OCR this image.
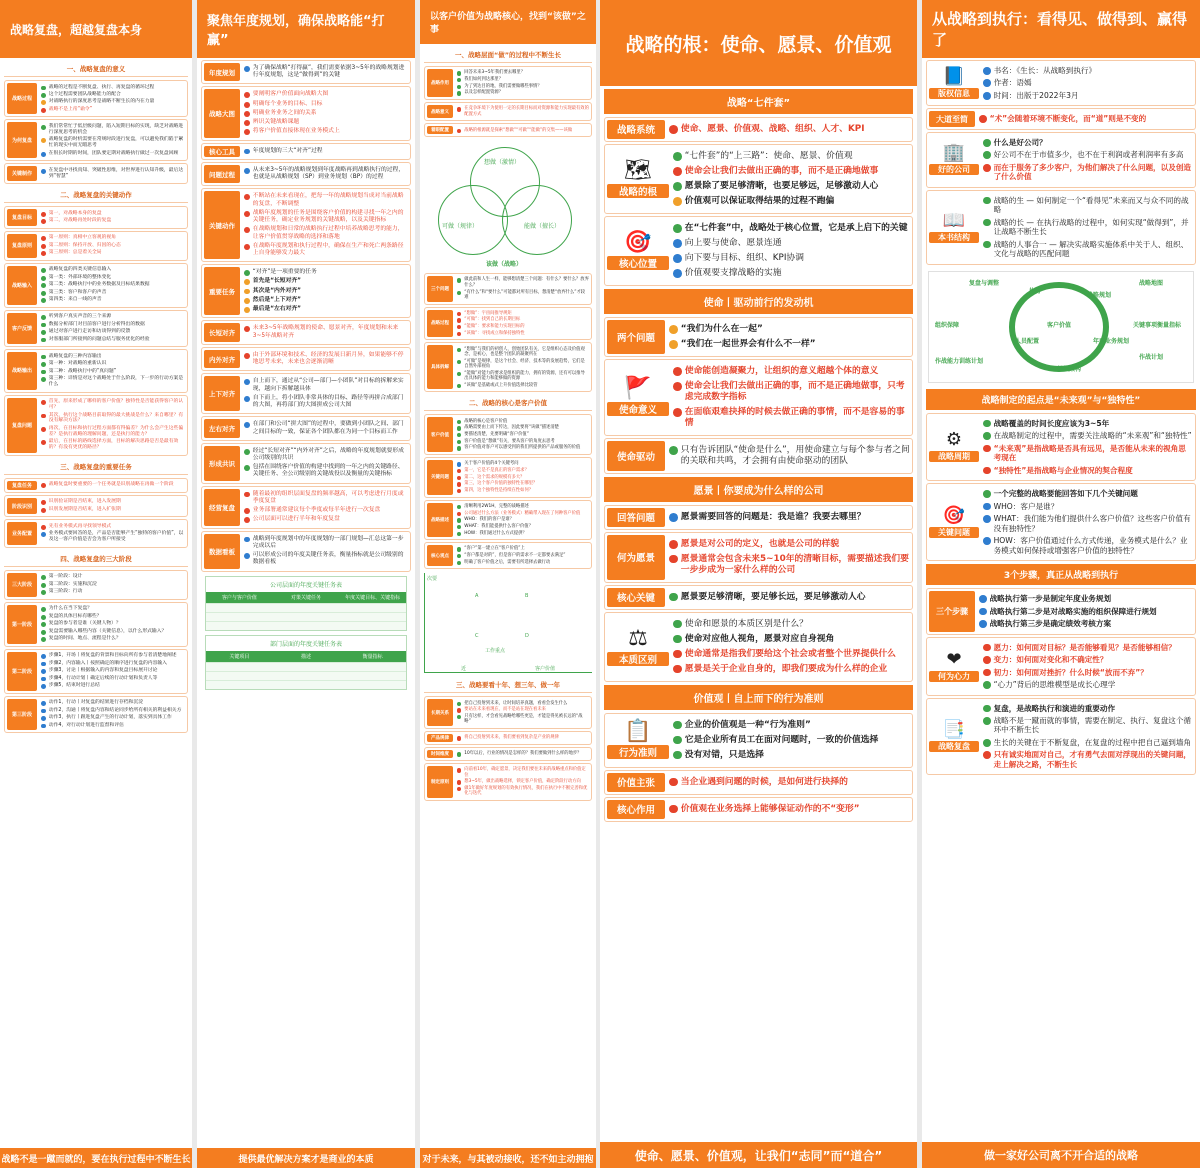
战略复盘，超越复盘本身
一、战略复盘的意义
战略过程
战略的过程是不断复盘、执行、再复盘的循环过程
这个过程需要团队战略能力的配合
对战略执行的深度思考是战略不断生长的内在力量
战略不是上帝“谕令”
为何复盘
我们常常忙于低层级问题，陷入短期目标的实现，缺乏对战略进行深度思考的机会
战略复盘的时机需要在常规时段进行复盘，可以避免我们陷于紧忙的现实中而无暇思考
在很长时期的时间，团队要定期对战略执行做过一次复盘回顾
关键制作
在复盘中寻找真知、突破性思维，对世界进行认知升级，最后达到“智慧”
二、战略复盘的关键动作
复盘目标
第一，对战略本身的复盘
第二，对战略再处时段的复盘
复盘原则
第一原则：真相中立客观的视角
第二原则：保持开放、归因的心态
第三原则：总是着关全局
战略输入
战略复盘的四类关键信息输入
第一类：外部环境的整体变化
第二类：战略执行中的业务数据及目标结果数据
第三类：客户和客户的声音
第四类：来自一线的声音
客户反馈
听到客户真实声音的三个来源
数据分析部门对目前客户进行分析得出的数据
通过对客户进行走访和访谈得到的反馈
对客服部门所接到的问题总结与服务优化的经验
战略输出
战略复盘的三种内容输出
第一种：对战略的重新认识
第二种：战略执行中的“真问题”
第三种：详情是对这个战略处于什么阶段，下一步的行动方案是什么
复盘问题
首先，原来形成了哪样的客户价值？独特性是否能获得客户的认可？
其次，执行这个战略目前取得的最大挑战是什么？来自哪里？有没有解决方法？
再次，在目标和执行过程方面都有得偏差？为什么会产生这些偏差？是执行战略的理解问题，还是执行的能力？
最后，在目标的路线选择方面，目标的解决思路是否是最有效的？有没有更优的路径？
三、战略复盘的重要任务
复盘任务	战略复盘时要重要的一个任务就是识别战略在再做一个阶段
阶段识别
识别验证期是否结束，进入发展期
识别发展期是否结束，进入扩张期
业务配置
先有业务模式再寻找领导模式
业务模式要回答的是，产品是否能够产生“独特的客户价值”，以及这一客户价值是否会为客户所接受
四、战略复盘的三大阶段
三大阶段
第一阶段：设计
第二阶段：实施和沉淀
第三阶段：行动
第一阶段
为什么在当下复盘？
复盘的具体目标有哪些？
复盘的参与者是谁（关键人物）？
复盘需要输入哪些内容（关键信息），以什么形式输入？
复盘的时间、地点、流程是什么？
第二阶段
步骤1，开场丨将复盘的背景和目标向所有参与者清楚地阐述
步骤2，内容输入丨按照确定的顺序进行复盘的内容输入
步骤3，讨论丨根据输入的内容和复盘目标展开讨论
步骤4，行动计划丨确定后续的行动计划和负责人等
步骤5，结束时进行总结
第三阶段
动作1，行动丨对复盘的结果进行存档和沉淀
动作2，沟通丨将复盘内容和结论同步给所有相关的利益相关方
动作3，执行丨跟进复盘产生的行动计划，落实到具体工作
动作4，对行动计划进行监督和评估
战略不是一蹴而就的，要在执行过程中不断生长
聚焦年度规划，确保战略能“打赢”
年度规划
为了确保战略“打得赢”，我们需要依据3~5年的战略规划进行年度规划，这是“做得到”的关键
战略大图
要阐明客户价值面向战略大图
明确每个业务的目标、目标
明确业务业务之间的关系
辨识关键战略课题
将客户价值直接体现在业务模式上
核心工具	年度规划的三大“对齐”过程
问题过程
从未来3~5年的战略规划到年度战略再到战略执行的过程，也就是从战略规划（SP）到业务规划（BP）的过程
关键动作
不断站在未来看现在，把每一年的战略规划当成对当前战略的复盘，不断调整
战略年度规划的任务是围绕客户价值的构建寻找一年之内的关键任务，确定业务规划的关键战略，以及关键指标
在战略规划和日常的战略执行过程中培养战略思考的能力，让客户价值贯穿战略的选择和落地
在战略年度规划和执行过程中，确保在生产和死亡两条路径上自身能够发力最大
重要任务
“对齐”是一项重要的任务
首先是“长短对齐”
其次是“内外对齐”
然后是“上下对齐”
最后是“左右对齐”
长短对齐
未来3~5年战略规划的使命、愿景对齐，年度规划和未来3~5年战略对齐
内外对齐
由于外部环境和技术、经济的发展日新月异，如果能够不停地思考未来，未来也会逐渐清晰
上下对齐
自上而下，通过从“公司—部门—小团队”对目标的拆解来实现，越向下拆解越具体
自下而上，将小团队非常具体的目标、路径等再拼合成部门的大图，再将部门的大图拼成公司大图
左右对齐
在部门和公司“拼大图”的过程中，要做到小团队之间、部门之间目标的一致，保证各个团队都在为同一个目标而工作
形成共识
经过“长短对齐”“内外对齐”之后，战略的年度规划就要形成公司级别的共识
包括在围绕客户价值的构建中找到的一年之内的关键路径、关键任务、全公司级别的关键战役以及衡量的关键指标
经营复盘
随着最初的组织层面复盘的频率越高，可以考虑进行月度或季度复盘
业务部署通常建议每个季度或每半年进行一次复盘
公司层面可以进行半年和年度复盘
数据看板
战略到年度规划中的年度规划的一部门规划—汇总这第一步完成以后
可以形成公司的年度关键任务表，衡量指标就是公司级别的数据看板
公司层面的年度关键任务表
客户与客户价值	对策关键任务	年度关键目标、关键指标
部门层面的年度关键任务表
关键项目	描述	衡量指标
提供最优解决方案才是商业的本质
以客户价值为战略核心，找到“该做”之事
一、战略层面“做”的过程中不断生长
战略作用
回答未来3~5年我们要去哪里？
我们如何到达那里？
为了到达目的地，我们需要做哪些事情？
以及怎样配置资源？
战略意义
在竞争环境下为使用一定的长期目标而对资源和能力实现最有效的配置方式
着眼配置	战略的根源就是探索“想做”“可做”“能做”的交集——该做
想做（激情）
可做（规律）	能做（擅长）
该做（战略）
三个问题
做此前和人生一样，能够想清楚三个问题：有什么？要什么？放弃什么？
“有什么”和“要什么”可能都对所有目标，想清楚“放弃什么”才较难
战略过程
“想做”：宇宙间推导规矩
“可做”：找到自己的长期目标
“能做”：要求和能力实现目标的
“该做”：寻找成立和保持独特性
具体拆解
“想做”与我们的初创人、创始团队有关，它是组织心态及价值观念，是初心，也是整个团队的凝聚所在
“可做”是规律，是这个社会、经济、技术等的发展趋势，它们是自然外部视角
“能做”对能力的要求是组织的能力，拥有的资源，还有可以推导出具体的能力和能够做的资源
“该做”是基础或式上升价值选择比较管
二、战略的核心是客户价值
客户价值
战略的核心是客户价值
战略需要由上而下传达，因此要将“该做”描述清楚
要描述清楚，先要明确“客户价值”
客户价值是“想做”有关，要从客户的角度去思考
客户价值对客户可以感受到的我们所提供的产品或服务的价值
关键问题
关于客户价值的4个关键考问
第一，它是不是真正的客户需求？
第二，这个需求的规模有多大？
第三，这个客户价值的独特性在哪里？
第四，这个独特性是持续在性如何？
战略描述
清晰利用2W1H，完整的战略描述
公司通过什么方法（业务模式）精确带入现在了何种客户价值
WHO：我们的客户是谁？
WHAT：我们能提供什么客户价值？
HOW：我们通过什么方式提供？
核心观点
“客户”第一建立在“客户价值”上
“客户都是对的”，但是客户的需求不一定都要去满足”
明确了客户价值之后，需要有所选择去做行动
次要
A	B
C	D
工作重点
近	客户价值
三、战略要看十年、想三年、做一年
长期关系
把自己投射到未来，让时间培养真题，看看会发生什么
要站在未来看现在，而不是站在现在看未来
只有这样，才会看见战略给哪些更是，才能是得见被长远的“战略”
产品规律	将自己投射到未来，我们要看到复杂是产业的规律
时间维度	10年以后，行业的情况是怎样的？我们要做到什么样的地步？
制定原则
向前看10年，确定愿景，决定我们要往未来的战略重点和价值定位
想3~5年，做出战略选择，锁定客户价值，确定阶段行动方向
做1年做好年度规划的有效执行情况，我们在执行中不断完善和优化与迭代
对于未来，与其被动接收，还不如主动拥抱
战略的根：使命、愿景、价值观
战略“七件套”
战略系统	使命、愿景、价值观、战略、组织、人才、KPI
🗺
战略的根
“七件套”的“上三路”：使命、愿景、价值观
使命会让我们去做出正确的事，而不是正确地做事
愿景除了要足够清晰，也要足够远，足够激动人心
价值观可以保证取得结果的过程不跑偏
🎯
核心位置
在“七件套”中，战略处于核心位置，它是承上启下的关键
向上要与使命、愿景连通
向下要与目标、组织、KPI协调
价值观要支撑战略的实施
使命丨驱动前行的发动机
两个问题
“我们为什么在一起”
“我们在一起世界会有什么不一样”
🚩
使命意义
使命能创造凝聚力，让组织的意义超越个体的意义
使命会让我们去做出正确的事，而不是正确地做事，只考虑完成数字指标
在面临艰难抉择的时候去做正确的事情，而不是容易的事情
使命驱动
只有告诉团队“使命是什么”，用使命建立与每个参与者之间的关联和共鸣，才会拥有由使命驱动的团队
愿景丨你要成为什么样的公司
回答问题	愿景需要回答的问题是：我是谁？我要去哪里？
何为愿景
愿景是对公司的定义，也就是公司的样貌
愿景通常会包含未来5~10年的清晰目标，需要描述我们要一步步成为一家什么样的公司
核心关键	愿景要足够清晰，要足够长远，要足够激动人心
⚖
本质区别
使命和愿景的本质区别是什么？
使命对应他人视角，愿景对应自身视角
使命通常是指我们要给这个社会或者整个世界提供什么
愿景是关于企业自身的，即我们要成为什么样的企业
价值观丨自上而下的行为准则
📋
行为准则
企业的价值观是一种“行为准则”
它是企业所有员工在面对问题时，一致的价值选择
没有对错，只是选择
价值主张	当企业遇到问题的时候，是如何进行抉择的
核心作用	价值观在业务选择上能够保证动作的不“变形”
使命、愿景、价值观，让我们“志同”而“道合”
从战略到执行：看得见、做得到、赢得了
📘
版权信息
书名：《生长：从战略到执行》
作者：语嫣
时间：出版于2022年3月
大道至简	“术”会随着环境不断变化，而“道”则是不变的
🏢
好的公司
什么是好公司？
好公司不在于市值多少，也不在于利润或者利润率有多高
而在于服务了多少客户，为他们解决了什么问题，以及创造了什么价值
📖
本书结构
战略的生 — 如何制定一个“看得见”未来而又与众不同的战略
战略的长 — 在执行战略的过程中，如何实现“做得到”，并让战略不断生长
战略的人事合一 — 解决实战略实施体系中关于人、组织、文化与战略的匹配问题
战略地图
复盘与调整
执行
战略规划
客户价值
人员配置	年度业务规划
组织架构
组织保障
作战能力训练计划
关键事项衡量指标
作战计划
战略制定的起点是“未来观”与“独特性”
⚙
战略周期
战略覆盖的时间长度应该为3~5年
在战略制定的过程中，需要关注战略的“未来观”和“独特性”
“未来观”是指战略是否具有远见，是否能从未来的视角思考现在
“独特性”是指战略与企业情况的契合程度
🎯
关键问题
一个完整的战略要能回答如下几个关键问题
WHO：客户是谁？
WHAT：我们能为他们提供什么客户价值？这些客户价值有没有独特性？
HOW：客户价值通过什么方式传递，业务模式是什么？业务模式如何保持或增强客户价值的独特性？
3个步骤，真正从战略到执行
三个步骤
战略执行第一步是制定年度业务规划
战略执行第二步是对战略实施的组织保障进行规划
战略执行第三步是确定绩效考核方案
❤
何为心力
愿力：如何面对目标？是否能够看见？是否能够相信？
变力：如何面对变化和不确定性？
韧力：如何面对挫折？什么时候“放而不弃”？
“心力”背后的思维模型是成长心理学
📑
战略复盘
复盘，是战略执行和演进的重要动作
战略不是一蹴而就的事情，需要在制定、执行、复盘这个循环中不断生长
生长的关键在于不断复盘，在复盘的过程中把自己逼到墙角
只有诚实地面对自己，才有勇气去面对浮现出的关键问题，走上解决之路，不断生长
做一家好公司离不开合适的战略
